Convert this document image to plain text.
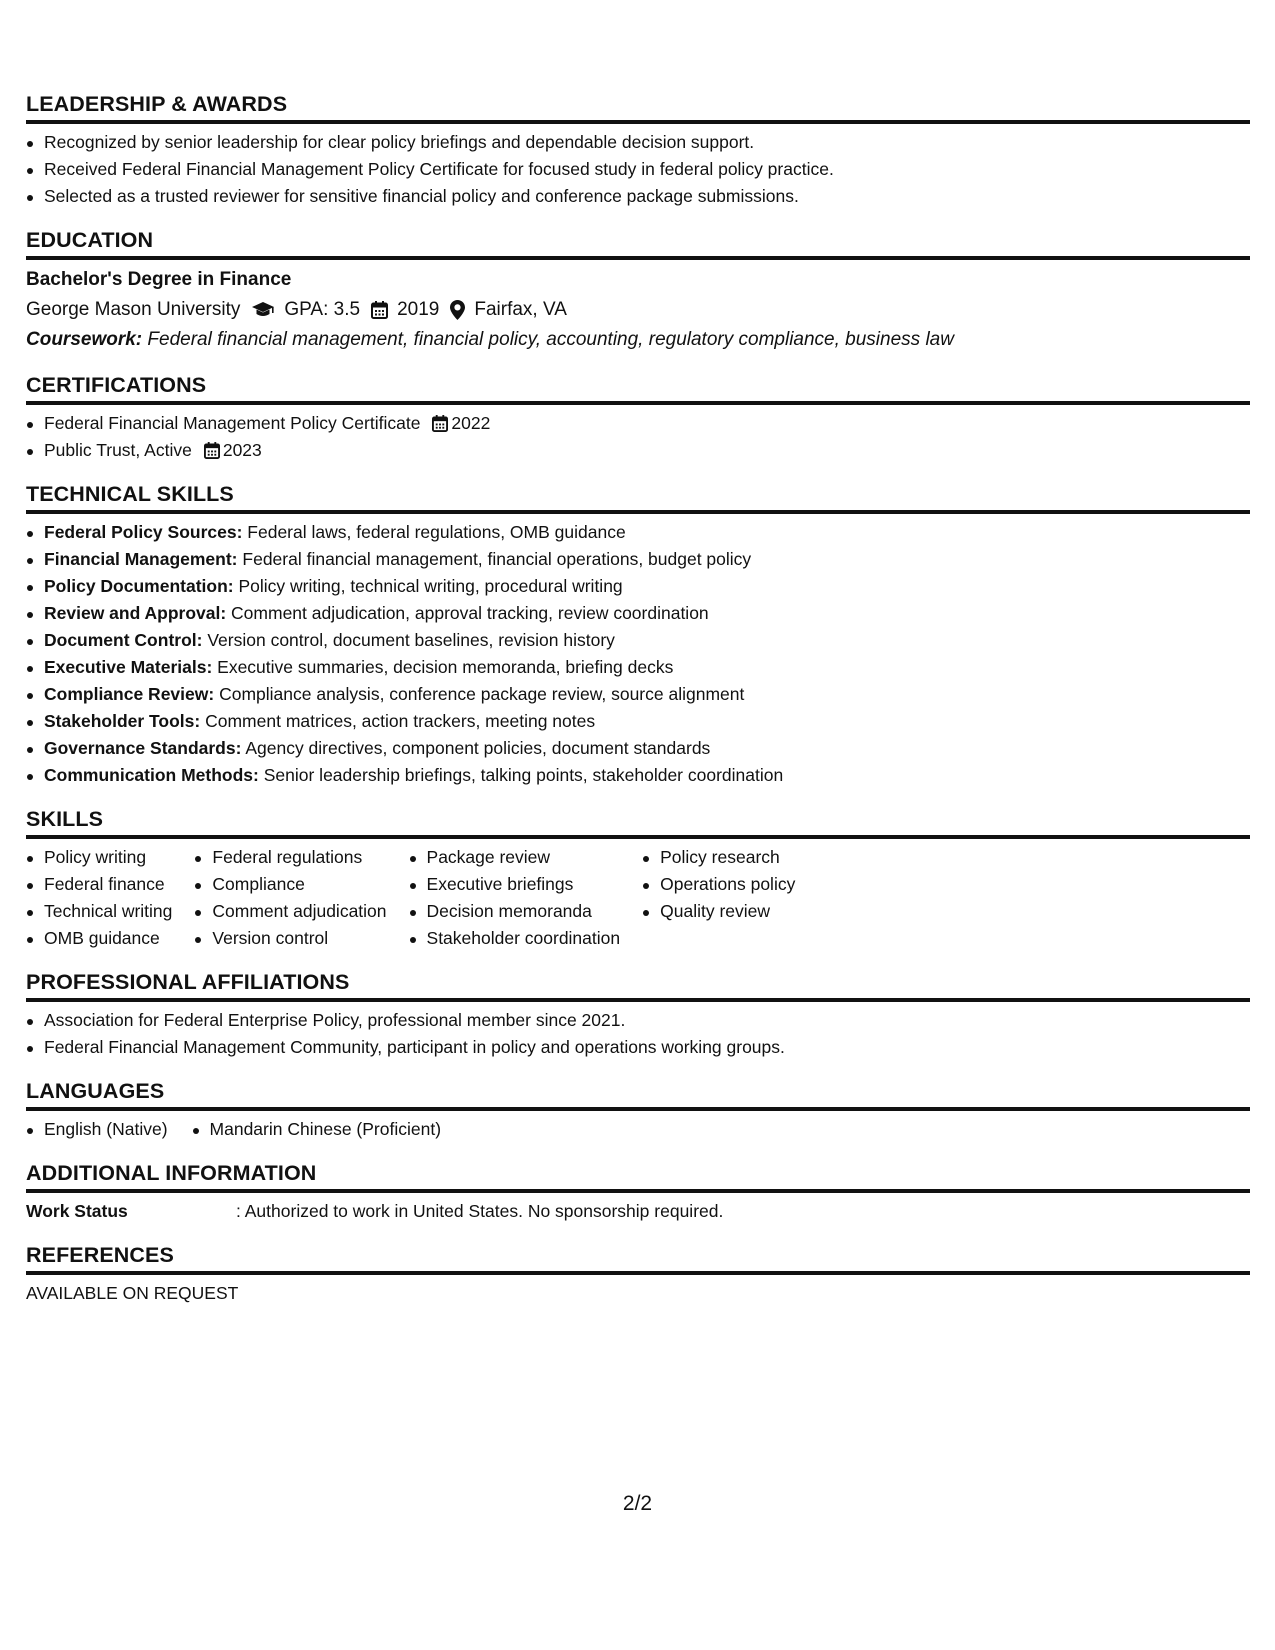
LEADERSHIP & AWARDS
Recognized by senior leadership for clear policy briefings and dependable decision support.
Received Federal Financial Management Policy Certificate for focused study in federal policy practice.
Selected as a trusted reviewer for sensitive financial policy and conference package submissions.
EDUCATION
Bachelor's Degree in Finance
George Mason University GPA: 3.5 2019 Fairfax, VA
Coursework: Federal financial management, financial policy, accounting, regulatory compliance, business law
CERTIFICATIONS
Federal Financial Management Policy Certificate 2022
Public Trust, Active 2023
TECHNICAL SKILLS
Federal Policy Sources: Federal laws, federal regulations, OMB guidance
Financial Management: Federal financial management, financial operations, budget policy
Policy Documentation: Policy writing, technical writing, procedural writing
Review and Approval: Comment adjudication, approval tracking, review coordination
Document Control: Version control, document baselines, revision history
Executive Materials: Executive summaries, decision memoranda, briefing decks
Compliance Review: Compliance analysis, conference package review, source alignment
Stakeholder Tools: Comment matrices, action trackers, meeting notes
Governance Standards: Agency directives, component policies, document standards
Communication Methods: Senior leadership briefings, talking points, stakeholder coordination
SKILLS
Policy writing
Federal finance
Technical writing
OMB guidance
Federal regulations
Compliance
Comment adjudication
Version control
Package review
Executive briefings
Decision memoranda
Stakeholder coordination
Policy research
Operations policy
Quality review
PROFESSIONAL AFFILIATIONS
Association for Federal Enterprise Policy, professional member since 2021.
Federal Financial Management Community, participant in policy and operations working groups.
LANGUAGES
English (Native)	Mandarin Chinese (Proficient)
ADDITIONAL INFORMATION
Work Status	: Authorized to work in United States. No sponsorship required.
REFERENCES
AVAILABLE ON REQUEST
2/2
